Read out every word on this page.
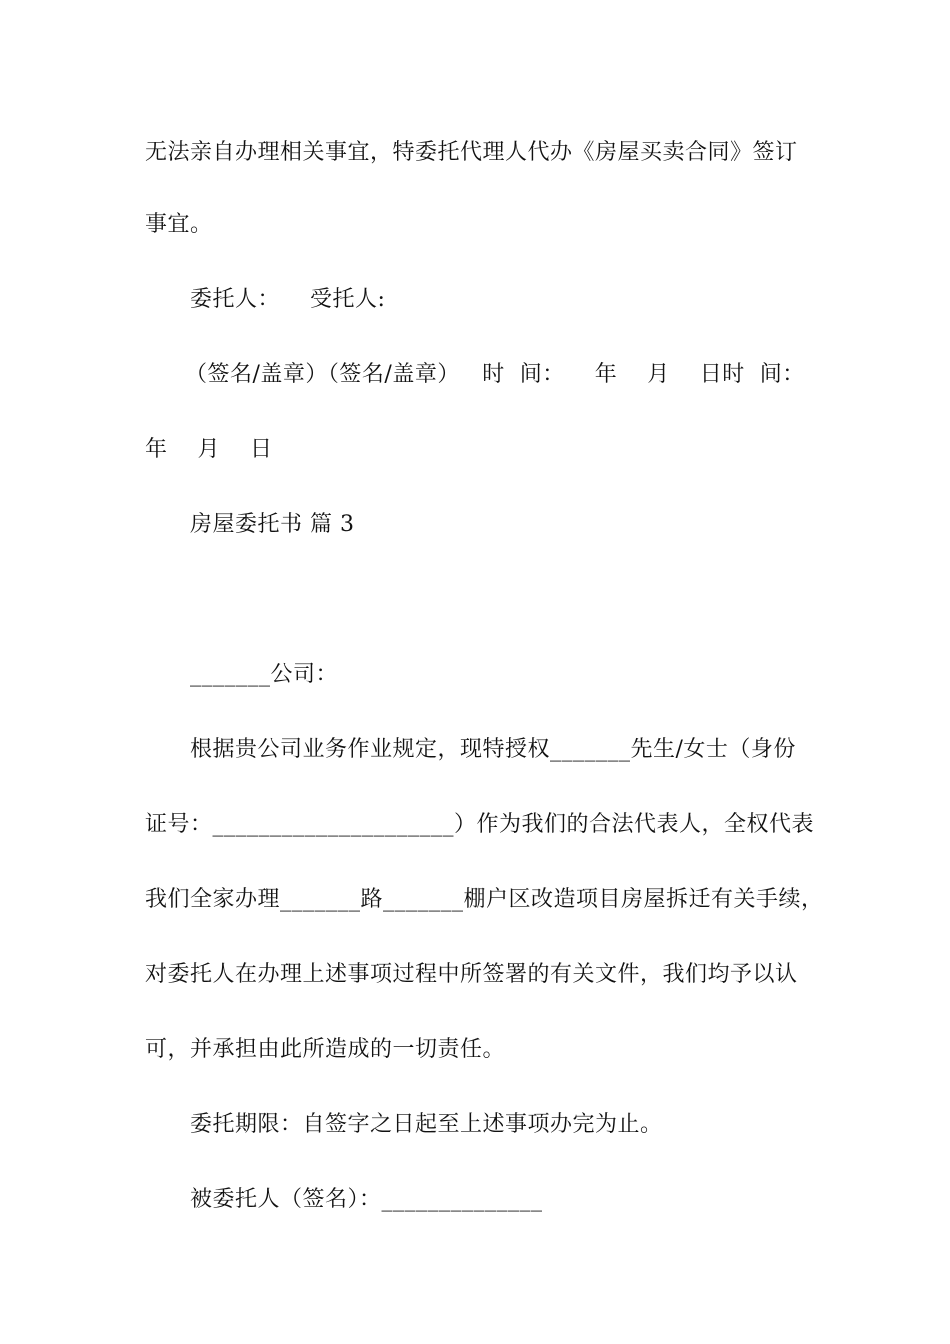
无法亲自办理相关事宜，特委托代理人代办《房屋买卖合同》签订
事宜。
委托人：    受托人:
（签名/盖章）（签名/盖章）   时  间：    年    月    日时  间：
年    月    日
房屋委托书 篇 3
_______公司：
根据贵公司业务作业规定，现特授权_______先生/女士（身份
证号：_____________________）作为我们的合法代表人，全权代表
我们全家办理_______路_______棚户区改造项目房屋拆迁有关手续，
对委托人在办理上述事项过程中所签署的有关文件，我们均予以认
可，并承担由此所造成的一切责任。
委托期限：自签字之日起至上述事项办完为止。
被委托人（签名）：______________
